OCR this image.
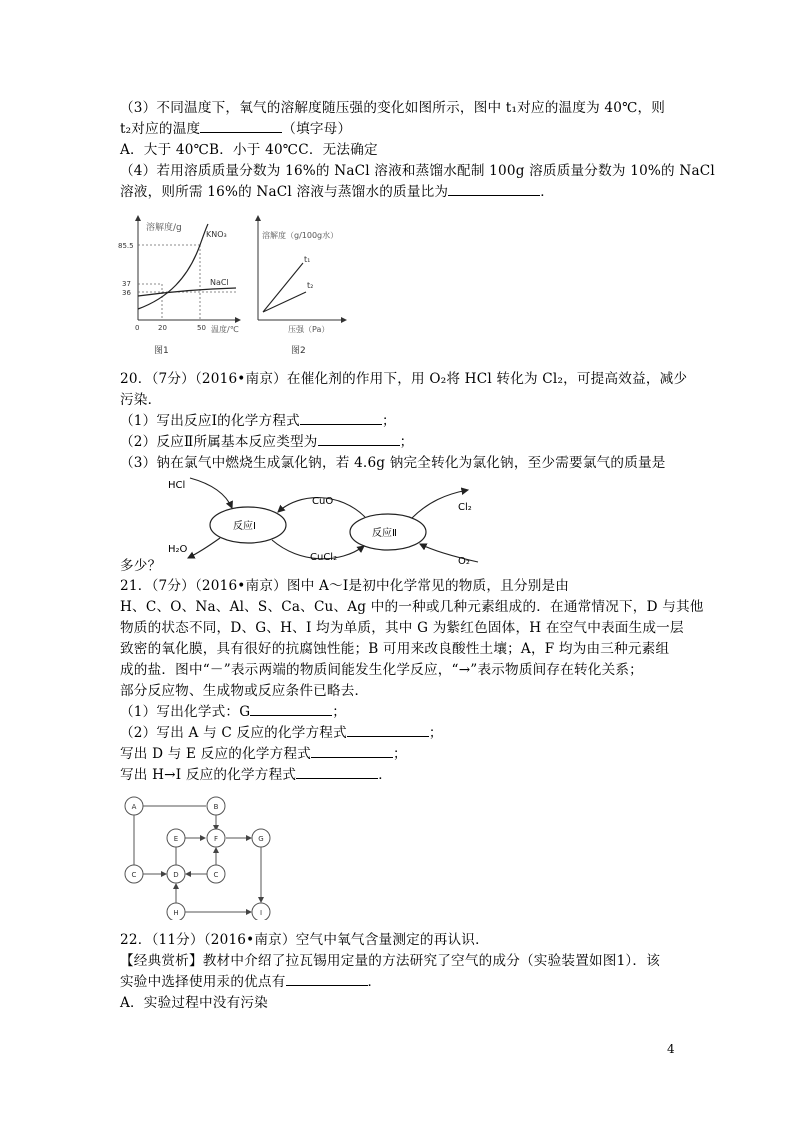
（3）不同温度下，氧气的溶解度随压强的变化如图所示，图中 t₁对应的温度为 40℃，则
t₂对应的温度	（填字母）
A．大于 40℃B．小于 40℃C．无法确定
（4）若用溶质质量分数为 16%的 NaCl 溶液和蒸馏水配制 100g 溶质质量分数为 10%的 NaCl
溶液，则所需 16%的 NaCl 溶液与蒸馏水的质量比为	．
溶解度/g
KNO₃
NaCl
85.5
37
36
0	20	50 温度/℃
图1
溶解度（g/100g水）
t₁
t₂
压强（Pa）
图2
20．（7分）（2016•南京）在催化剂的作用下，用 O₂将 HCl 转化为 Cl₂，可提高效益，减少
污染．
（1）写出反应Ⅰ的化学方程式	；
（2）反应Ⅱ所属基本反应类型为	；
（3）钠在氯气中燃烧生成氯化钠，若 4.6g 钠完全转化为氯化钠，至少需要氯气的质量是
反应Ⅰ
反应Ⅱ
HCl
H₂O
CuO
CuCl₂
Cl₂
O₂
多少？
21．（7分）（2016•南京）图中 A～I是初中化学常见的物质，且分别是由
H、C、O、Na、Al、S、Ca、Cu、Ag 中的一种或几种元素组成的．在通常情况下，D 与其他
物质的状态不同，D、G、H、I 均为单质，其中 G 为紫红色固体，H 在空气中表面生成一层
致密的氧化膜，具有很好的抗腐蚀性能；B 可用来改良酸性土壤；A，F 均为由三种元素组
成的盐．图中“－”表示两端的物质间能发生化学反应，“→”表示物质间存在转化关系；
部分反应物、生成物或反应条件已略去．
（1）写出化学式：G	；
（2）写出 A 与 C 反应的化学方程式	；
写出 D 与 E 反应的化学方程式	；
写出 H→I 反应的化学方程式	．
A	B
E	F	G
C	D	C
H	I
22．（11分）（2016•南京）空气中氧气含量测定的再认识．
【经典赏析】教材中介绍了拉瓦锡用定量的方法研究了空气的成分（实验装置如图1）．该
实验中选择使用汞的优点有	．
A．实验过程中没有污染
4
